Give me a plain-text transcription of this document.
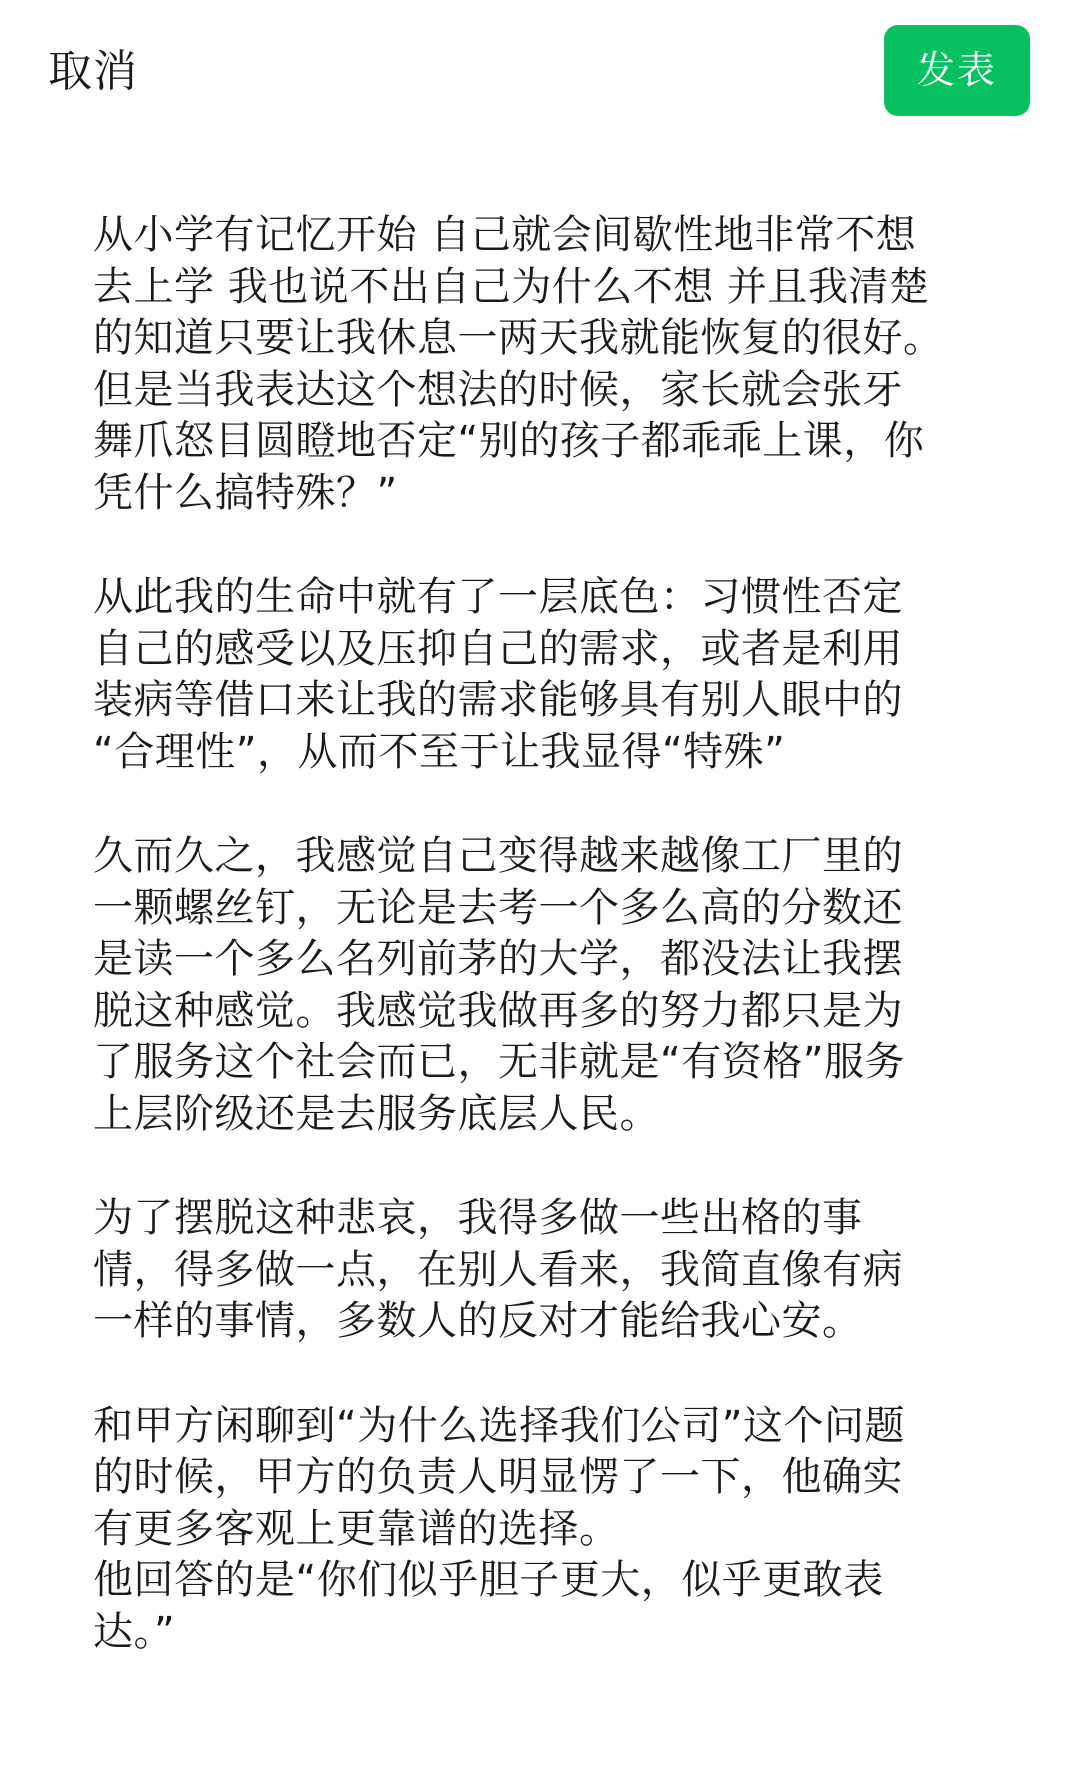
取消	发表

从小学有记忆开始 自己就会间歇性地非常不想
去上学 我也说不出自己为什么不想 并且我清楚
的知道只要让我休息一两天我就能恢复的很好。
但是当我表达这个想法的时候，家长就会张牙
舞爪怒目圆瞪地否定“别的孩子都乖乖上课，你
凭什么搞特殊？”

从此我的生命中就有了一层底色：习惯性否定
自己的感受以及压抑自己的需求，或者是利用
装病等借口来让我的需求能够具有别人眼中的
“合理性”，从而不至于让我显得“特殊”

久而久之，我感觉自己变得越来越像工厂里的
一颗螺丝钉，无论是去考一个多么高的分数还
是读一个多么名列前茅的大学，都没法让我摆
脱这种感觉。我感觉我做再多的努力都只是为
了服务这个社会而已，无非就是“有资格”服务
上层阶级还是去服务底层人民。

为了摆脱这种悲哀，我得多做一些出格的事
情，得多做一点，在别人看来，我简直像有病
一样的事情，多数人的反对才能给我心安。

和甲方闲聊到“为什么选择我们公司”这个问题
的时候，甲方的负责人明显愣了一下，他确实
有更多客观上更靠谱的选择。
他回答的是“你们似乎胆子更大，似乎更敢表
达。”
